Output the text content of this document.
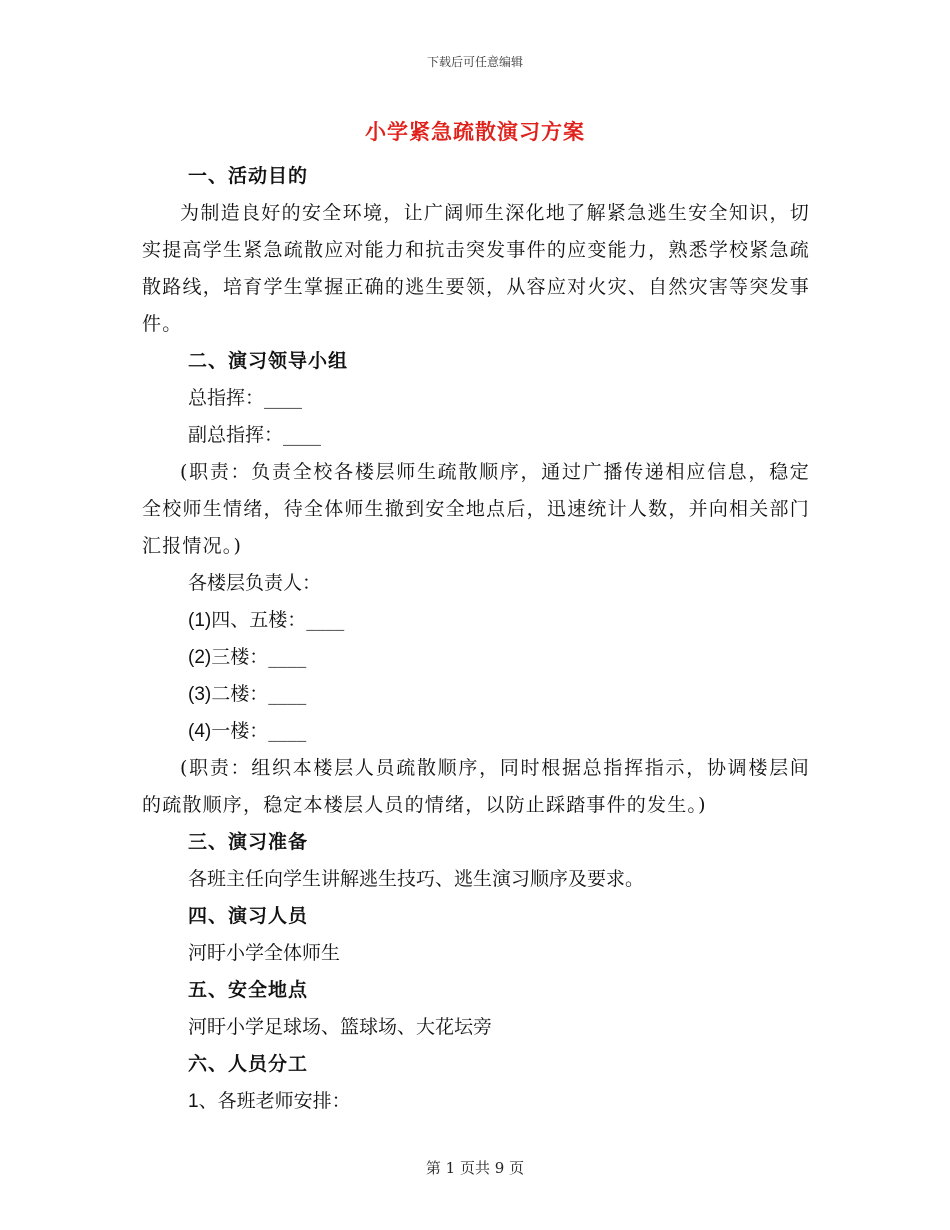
下载后可任意编辑
小学紧急疏散演习方案
一、活动目的
为制造良好的安全环境，让广阔师生深化地了解紧急逃生安全知识，切实提高学生紧急疏散应对能力和抗击突发事件的应变能力，熟悉学校紧急疏散路线，培育学生掌握正确的逃生要领，从容应对火灾、自然灾害等突发事件。
二、演习领导小组
总指挥：____
副总指挥：____
(职责：负责全校各楼层师生疏散顺序，通过广播传递相应信息，稳定全校师生情绪，待全体师生撤到安全地点后，迅速统计人数，并向相关部门汇报情况。)
各楼层负责人：
(1)四、五楼：____
(2)三楼：____
(3)二楼：____
(4)一楼：____
(职责：组织本楼层人员疏散顺序，同时根据总指挥指示，协调楼层间的疏散顺序，稳定本楼层人员的情绪，以防止踩踏事件的发生。)
三、演习准备
各班主任向学生讲解逃生技巧、逃生演习顺序及要求。
四、演习人员
河盱小学全体师生
五、安全地点
河盱小学足球场、篮球场、大花坛旁
六、人员分工
1、各班老师安排：
第 1 页共 9 页
